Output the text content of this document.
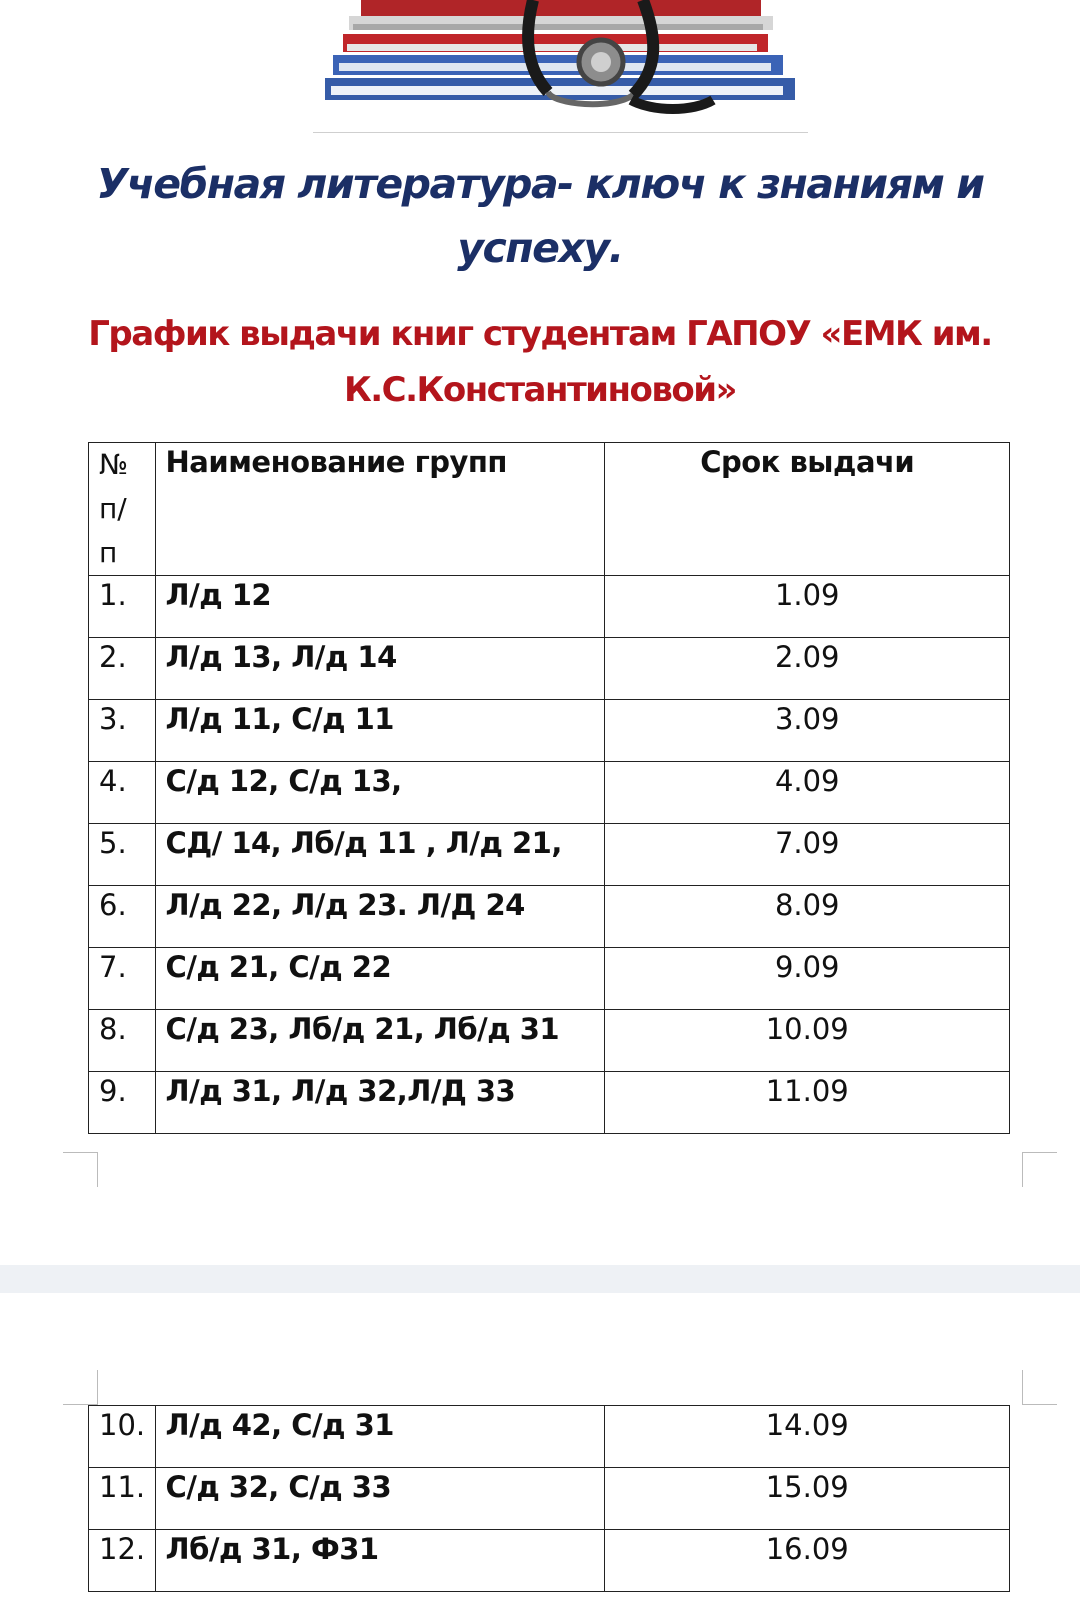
Учебная литература- ключ к знаниям и успеху.
График выдачи книг студентам ГАПОУ «ЕМК им. К.С.Константиновой»
№ п/п	Наименование групп	Срок выдачи
1.	Л/д 12	1.09
2.	Л/д 13, Л/д 14	2.09
3.	Л/д 11, С/д 11	3.09
4.	С/д 12, С/д 13,	4.09
5.	СД/ 14, Лб/д 11 , Л/д 21,	7.09
6.	Л/д 22, Л/д 23. Л/Д 24	8.09
7.	С/д 21, С/д 22	9.09
8.	С/д 23, Лб/д 21, Лб/д 31	10.09
9.	Л/д 31, Л/д 32,Л/Д 33	11.09
10.	Л/д 42, С/д 31	14.09
11.	С/д 32, С/д 33	15.09
12.	Лб/д 31, Ф31	16.09
